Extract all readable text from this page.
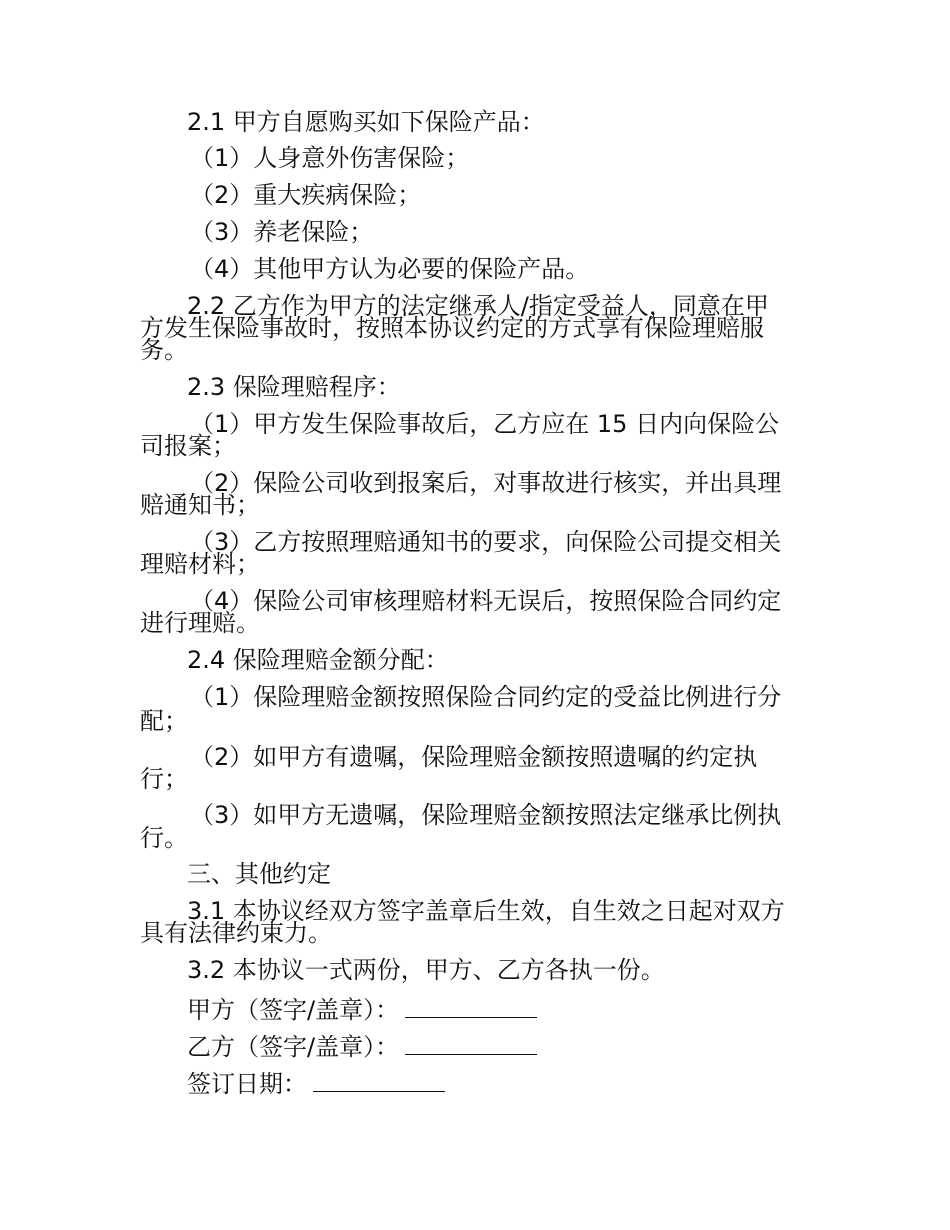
2.1 甲方自愿购买如下保险产品：
（1）人身意外伤害保险；
（2）重大疾病保险；
（3）养老保险；
（4）其他甲方认为必要的保险产品。
2.2 乙方作为甲方的法定继承人/指定受益人，同意在甲
方发生保险事故时，按照本协议约定的方式享有保险理赔服
务。
2.3 保险理赔程序：
（1）甲方发生保险事故后，乙方应在 15 日内向保险公
司报案；
（2）保险公司收到报案后，对事故进行核实，并出具理
赔通知书；
（3）乙方按照理赔通知书的要求，向保险公司提交相关
理赔材料；
（4）保险公司审核理赔材料无误后，按照保险合同约定
进行理赔。
2.4 保险理赔金额分配：
（1）保险理赔金额按照保险合同约定的受益比例进行分
配；
（2）如甲方有遗嘱，保险理赔金额按照遗嘱的约定执
行；
（3）如甲方无遗嘱，保险理赔金额按照法定继承比例执
行。
三、其他约定
3.1 本协议经双方签字盖章后生效，自生效之日起对双方
具有法律约束力。
3.2 本协议一式两份，甲方、乙方各执一份。
甲方（签字/盖章）：
乙方（签字/盖章）：
签订日期：
